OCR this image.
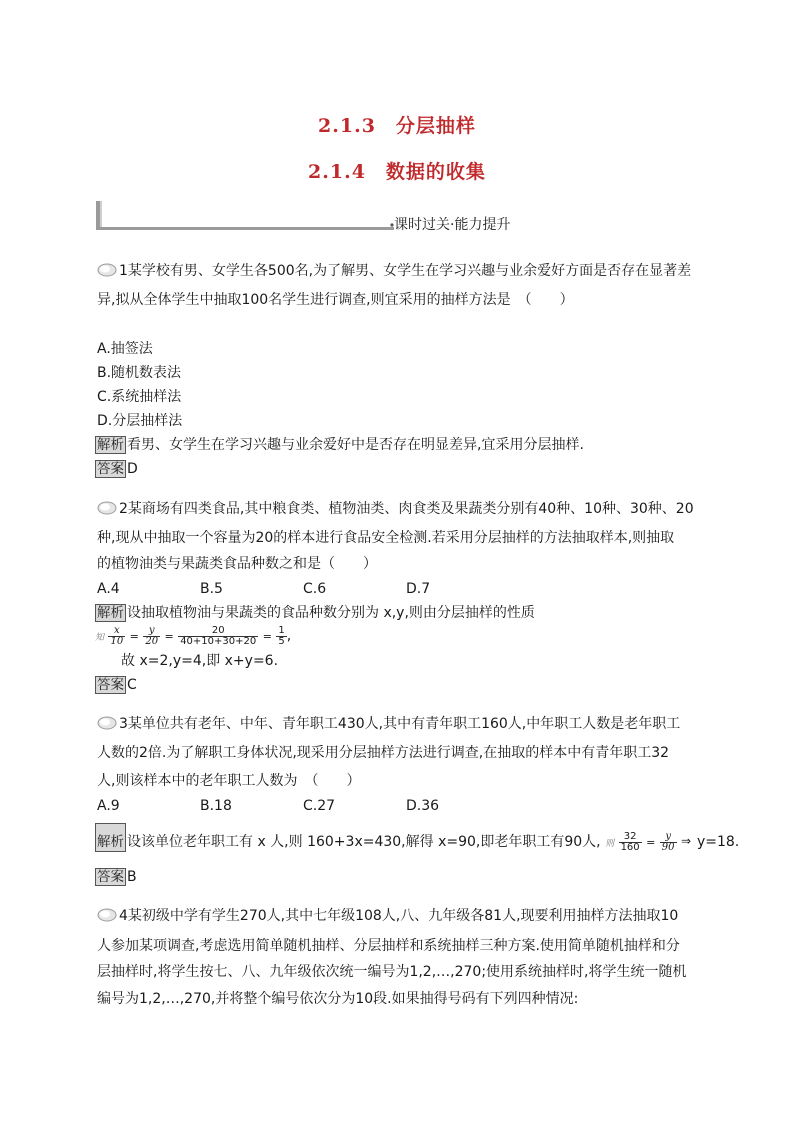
2.1.3　分层抽样
2.1.4　数据的收集
课时过关·能力提升
1某学校有男、女学生各500名,为了解男、女学生在学习兴趣与业余爱好方面是否存在显著差
异,拟从全体学生中抽取100名学生进行调查,则宜采用的抽样方法是　（　　）
A.抽签法
B.随机数表法
C.系统抽样法
D.分层抽样法
解析 看男、女学生在学习兴趣与业余爱好中是否存在明显差异,宜采用分层抽样.
答案 D
2某商场有四类食品,其中粮食类、植物油类、肉食类及果蔬类分别有40种、10种、30种、20
种,现从中抽取一个容量为20的样本进行食品安全检测.若采用分层抽样的方法抽取样本,则抽取
的植物油类与果蔬类食品种数之和是（　　）
A.4	B.5	C.6	D.7
解析 设抽取植物油与果蔬类的食品种数分别为 x,y,则由分层抽样的性质
知 $\frac{x}{10} = \frac{y}{20} = \frac{20}{40+10+30+20} = \frac{1}{5}$ ,
故 x=2,y=4,即 x+y=6.
答案 C
3某单位共有老年、中年、青年职工430人,其中有青年职工160人,中年职工人数是老年职工
人数的2倍.为了解职工身体状况,现采用分层抽样方法进行调查,在抽取的样本中有青年职工32
人,则该样本中的老年职工人数为　（　　）
A.9	B.18	C.27	D.36
解析 设该单位老年职工有 x 人,则 160+3x=430,解得 x=90,即老年职工有90人, 则 $\frac{32}{160} = \frac{y}{90}$
⇒ y=18.
答案 B
4某初级中学有学生270人,其中七年级108人,八、九年级各81人,现要利用抽样方法抽取10
人参加某项调查,考虑选用简单随机抽样、分层抽样和系统抽样三种方案.使用简单随机抽样和分
层抽样时,将学生按七、八、九年级依次统一编号为1,2,…,270;使用系统抽样时,将学生统一随机
编号为1,2,…,270,并将整个编号依次分为10段.如果抽得号码有下列四种情况:
